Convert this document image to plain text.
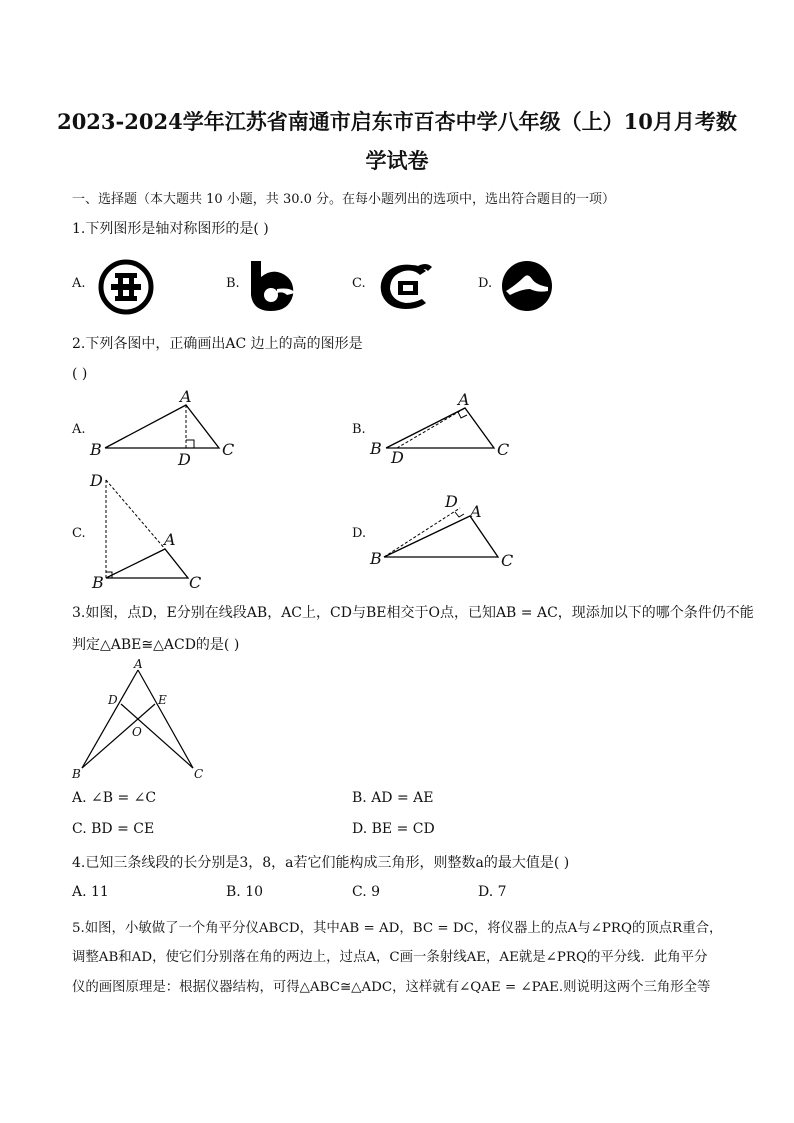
2023-2024学年江苏省南通市启东市百杏中学八年级（上）10月月考数
学试卷
一、选择题（本大题共 10 小题，共 30.0 分。在每小题列出的选项中，选出符合题目的一项）
1.下列图形是轴对称图形的是( )
A.	B.	C.	D.
2.下列各图中，正确画出AC 边上的高的图形是
( )
A.	B.
C.	D.
A
B	C
D
A
B	C
D
D
A
B	C
D
A
B	C
3.如图，点D，E分别在线段AB，AC上，CD与BE相交于O点，已知AB = AC，现添加以下的哪个条件仍不能
判定△ABE≅△ACD的是( )
A
D	E
O
B	C
A. ∠B = ∠C	B. AD = AE
C. BD = CE	D. BE = CD
4.已知三条线段的长分别是3，8，a若它们能构成三角形，则整数a的最大值是( )
A. 11	B. 10	C. 9	D. 7
5.如图，小敏做了一个角平分仪ABCD，其中AB = AD，BC = DC，将仪器上的点A与∠PRQ的顶点R重合，
调整AB和AD，使它们分别落在角的两边上，过点A，C画一条射线AE，AE就是∠PRQ的平分线．此角平分
仪的画图原理是：根据仪器结构，可得△ABC≅△ADC，这样就有∠QAE = ∠PAE.则说明这两个三角形全等
